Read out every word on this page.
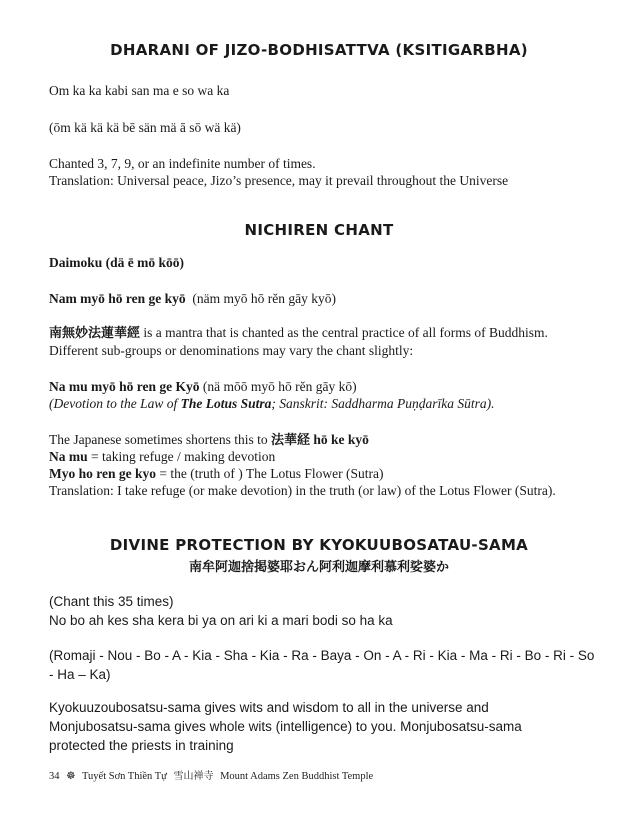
DHARANI OF JIZO-BODHISATTVA (KSITIGARBHA)

Om ka ka kabi san ma e so wa ka

(ōm kä kä kä bē sän mä ā sō wä kä)

Chanted 3, 7, 9, or an indefinite number of times.

Translation: Universal peace, Jizo’s presence, may it prevail throughout the Universe

NICHIREN CHANT

Daimoku (dä ē mō kōō)

Nam myō hō ren ge kyō (näm myō hō rĕn gāy kyō)

南無妙法蓮華經 is a mantra that is chanted as the central practice of all forms of Buddhism.

Different sub-groups or denominations may vary the chant slightly:

Na mu myō hō ren ge Kyō (nä mōō myō hō rĕn gāy kō)

(Devotion to the Law of The Lotus Sutra; Sanskrit: Saddharma Puṇḍarīka Sūtra).

The Japanese sometimes shortens this to 法華経 hō ke kyō

Na mu = taking refuge / making devotion

Myo ho ren ge kyo = the (truth of ) The Lotus Flower (Sutra)

Translation: I take refuge (or make devotion) in the truth (or law) of the Lotus Flower (Sutra).

DIVINE PROTECTION BY KYOKUUBOSATAU-SAMA
南牟阿迦捨掲婆耶おん阿利迦摩利慕利娑婆か

(Chant this 35 times)

No bo ah kes sha kera bi ya on ari ki a mari bodi so ha ka

(Romaji - Nou - Bo - A - Kia - Sha - Kia - Ra - Baya - On - A - Ri - Kia - Ma - Ri - Bo - Ri - So - Ha – Ka)

Kyokuuzoubosatsu-sama gives wits and wisdom to all in the universe and Monjubosatsu-sama gives whole wits (intelligence) to you. Monjubosatsu-sama protected the priests in training

34 ☸ Tuyết Sơn Thiền Tự 雪山禅寺 Mount Adams Zen Buddhist Temple
